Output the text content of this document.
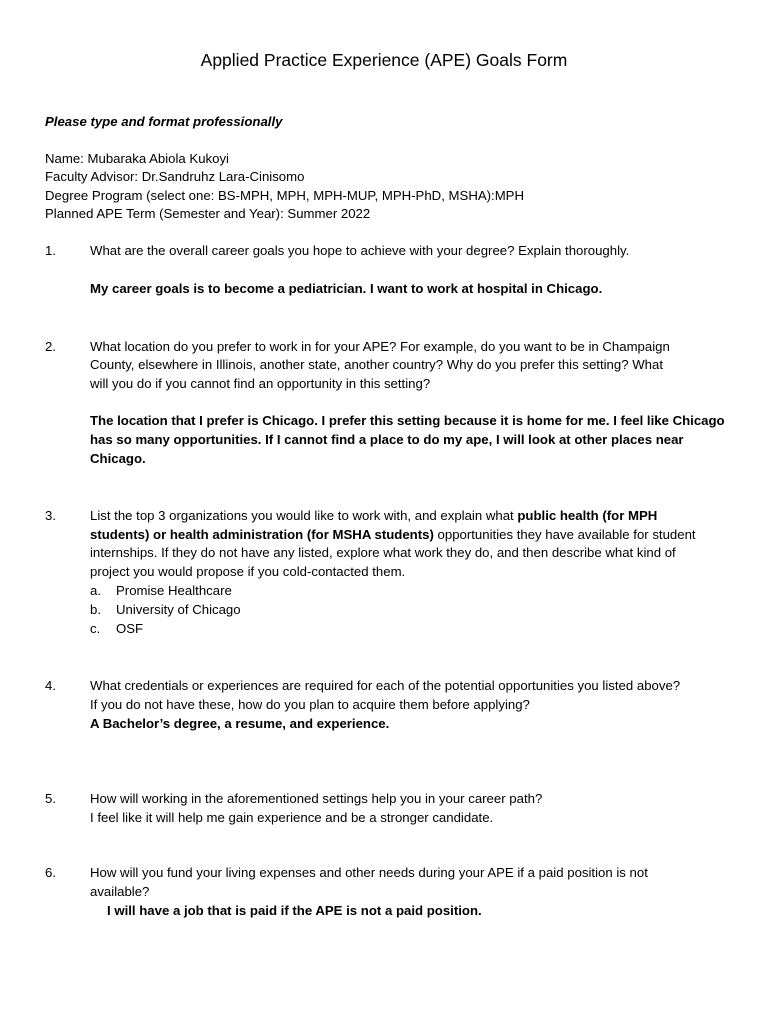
Applied Practice Experience (APE) Goals Form
Please type and format professionally
Name: Mubaraka Abiola Kukoyi
Faculty Advisor: Dr.Sandruhz Lara-Cinisomo
Degree Program (select one: BS-MPH, MPH, MPH-MUP, MPH-PhD, MSHA):MPH
Planned APE Term (Semester and Year): Summer 2022
1.	What are the overall career goals you hope to achieve with your degree? Explain thoroughly.
My career goals is to become a pediatrician. I want to work at hospital in Chicago.
2.	What location do you prefer to work in for your APE? For example, do you want to be in Champaign
County, elsewhere in Illinois, another state, another country? Why do you prefer this setting? What
will you do if you cannot find an opportunity in this setting?
The location that I prefer is Chicago. I prefer this setting because it is home for me. I feel like Chicago
has so many opportunities. If I cannot find a place to do my ape, I will look at other places near
Chicago.
3.	List the top 3 organizations you would like to work with, and explain what public health (for MPH
students) or health administration (for MSHA students) opportunities they have available for student
internships. If they do not have any listed, explore what work they do, and then describe what kind of
project you would propose if you cold-contacted them.
a. Promise Healthcare
b. University of Chicago
c. OSF
4.	What credentials or experiences are required for each of the potential opportunities you listed above?
If you do not have these, how do you plan to acquire them before applying?
A Bachelor’s degree, a resume, and experience.
5.	How will working in the aforementioned settings help you in your career path?
I feel like it will help me gain experience and be a stronger candidate.
6.	How will you fund your living expenses and other needs during your APE if a paid position is not
available?
I will have a job that is paid if the APE is not a paid position.
